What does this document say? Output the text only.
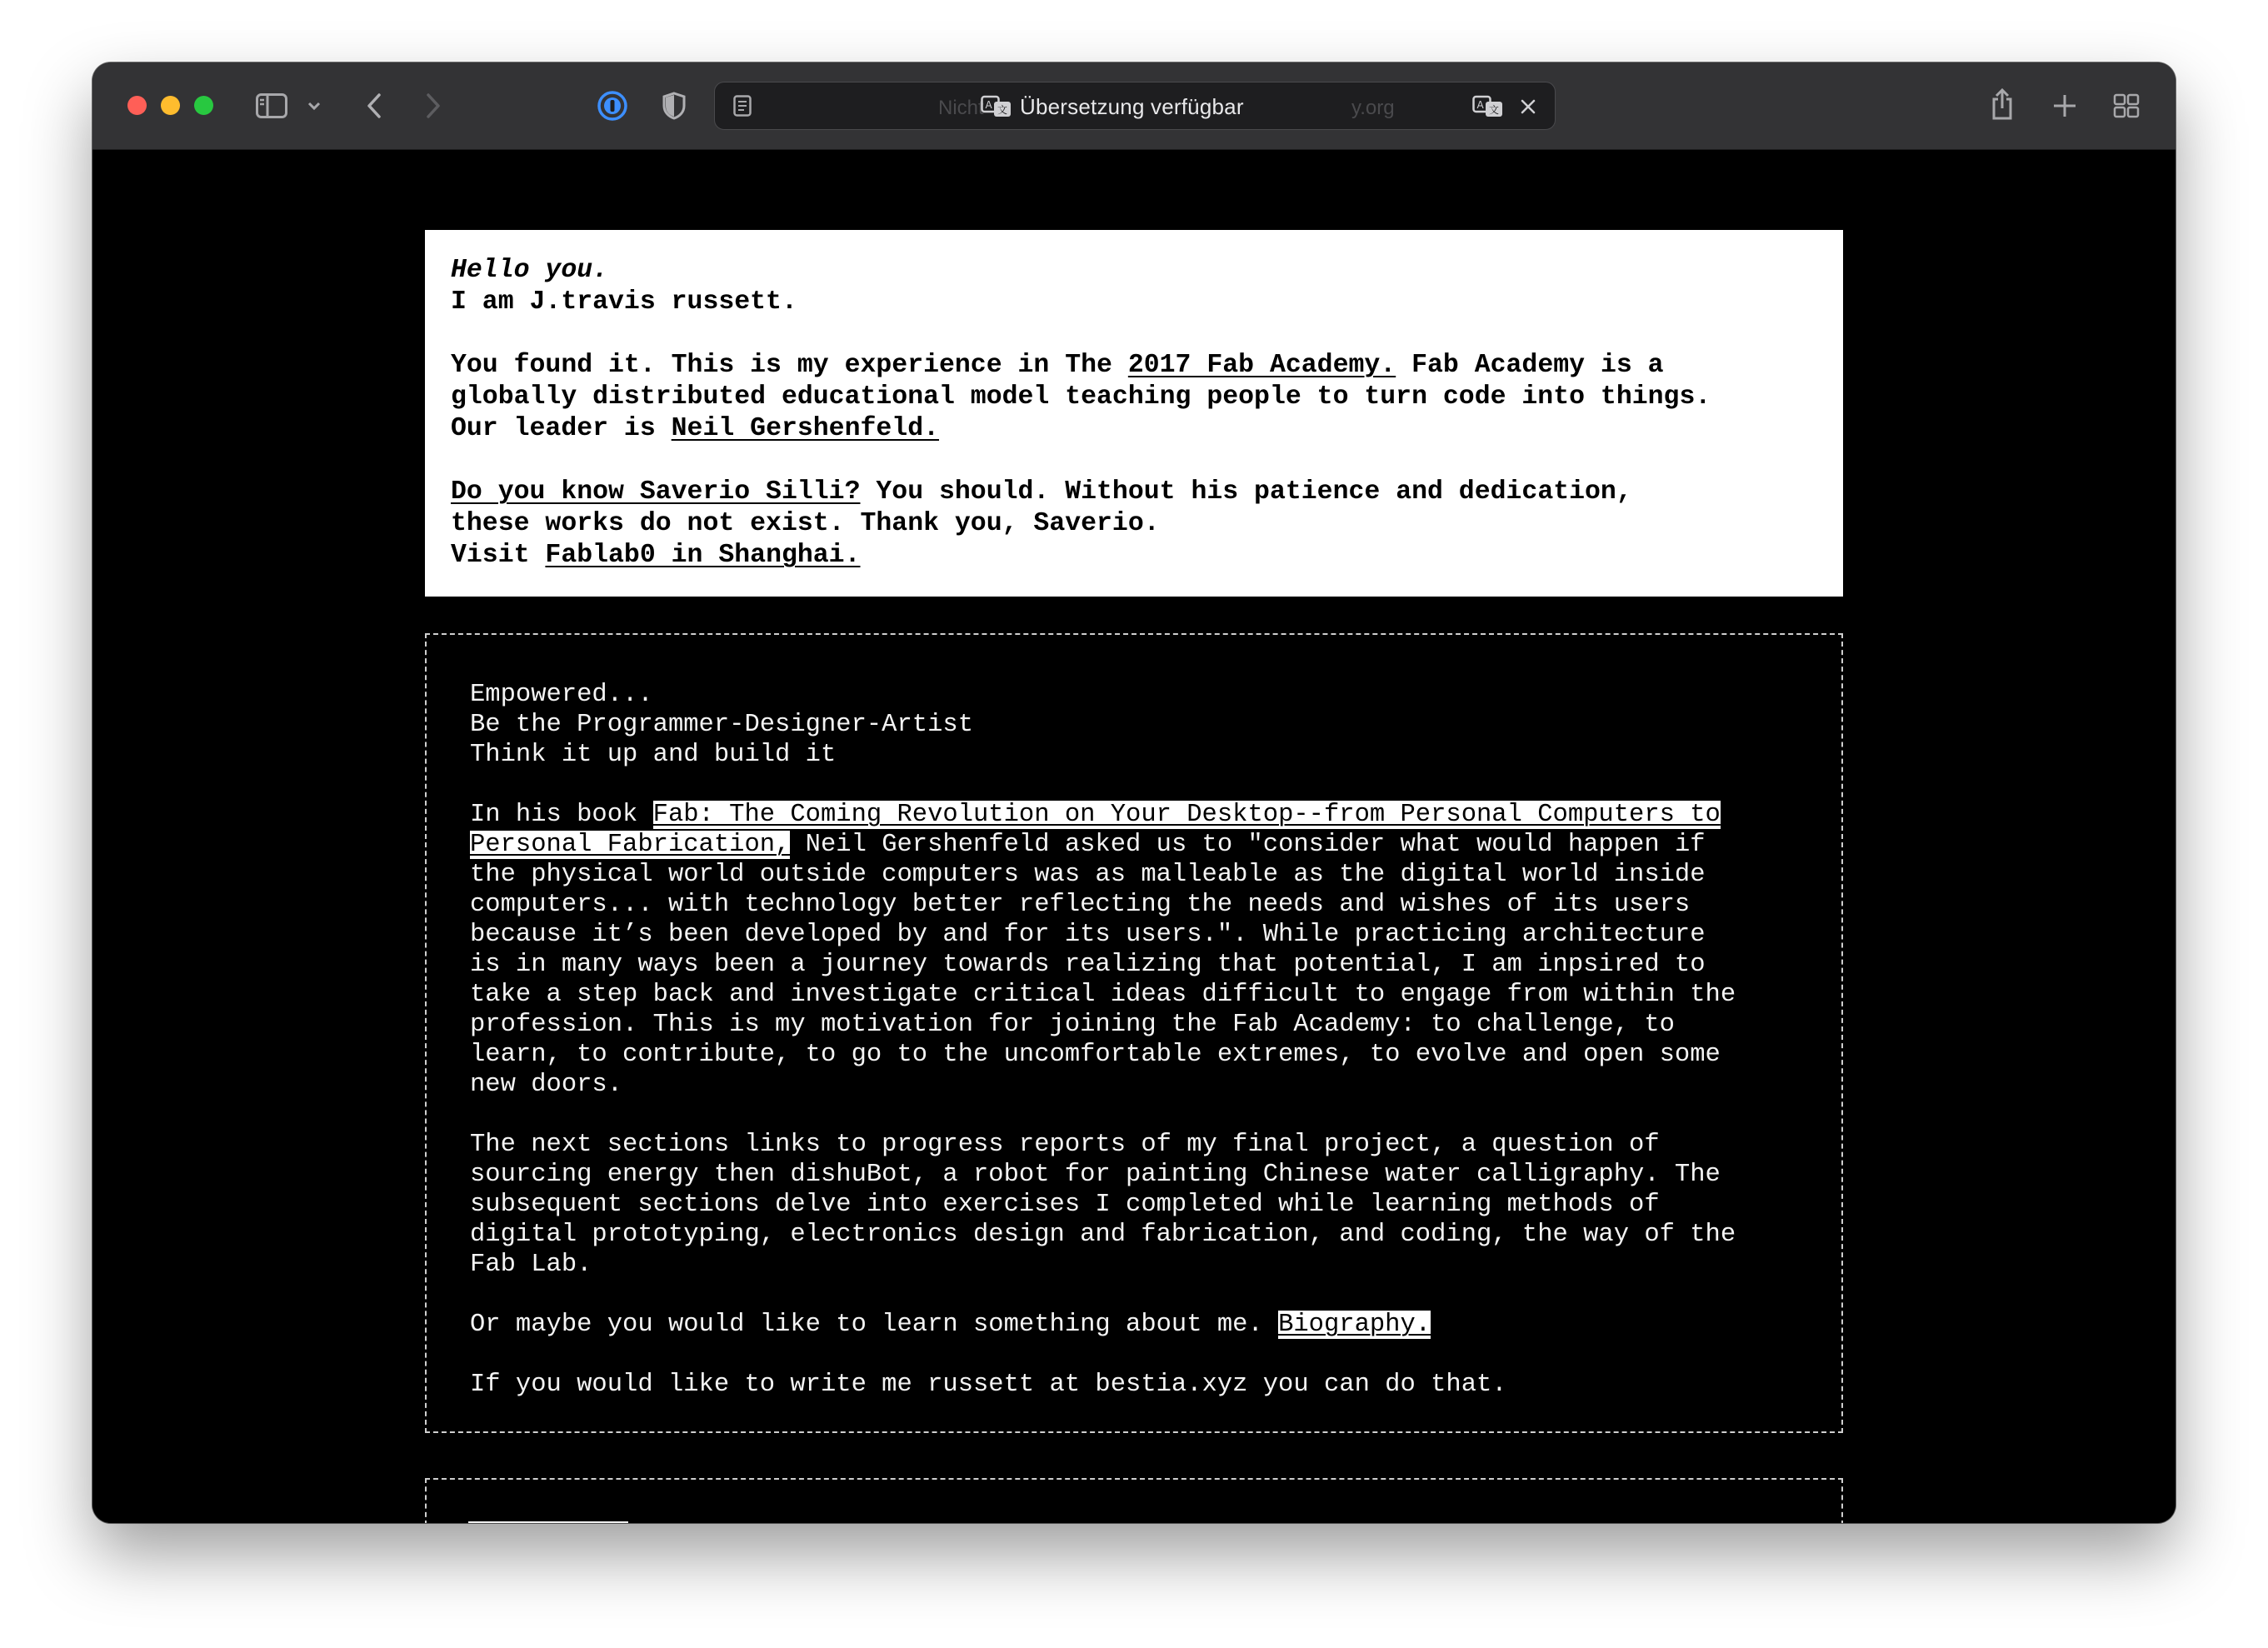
Nicht A 文 Übersetzung verfügbar	y.org	A 文
Hello you.
I am J.travis russett.

You found it. This is my experience in The 2017 Fab Academy. Fab Academy is a
globally distributed educational model teaching people to turn code into things.
Our leader is Neil Gershenfeld.

Do you know Saverio Silli? You should. Without his patience and dedication,
these works do not exist. Thank you, Saverio.
Visit Fablab0 in Shanghai.
Empowered...
Be the Programmer-Designer-Artist
Think it up and build it

In his book Fab: The Coming Revolution on Your Desktop--from Personal Computers to
Personal Fabrication, Neil Gershenfeld asked us to "consider what would happen if
the physical world outside computers was as malleable as the digital world inside
computers... with technology better reflecting the needs and wishes of its users
because it’s been developed by and for its users.". While practicing architecture
is in many ways been a journey towards realizing that potential, I am inpsired to
take a step back and investigate critical ideas difficult to engage from within the
profession. This is my motivation for joining the Fab Academy: to challenge, to
learn, to contribute, to go to the uncomfortable extremes, to evolve and open some
new doors.

The next sections links to progress reports of my final project, a question of
sourcing energy then dishuBot, a robot for painting Chinese water calligraphy. The
subsequent sections delve into exercises I completed while learning methods of
digital prototyping, electronics design and fabrication, and coding, the way of the
Fab Lab.

Or maybe you would like to learn something about me. Biography.

If you would like to write me russett at bestia.xyz you can do that.
